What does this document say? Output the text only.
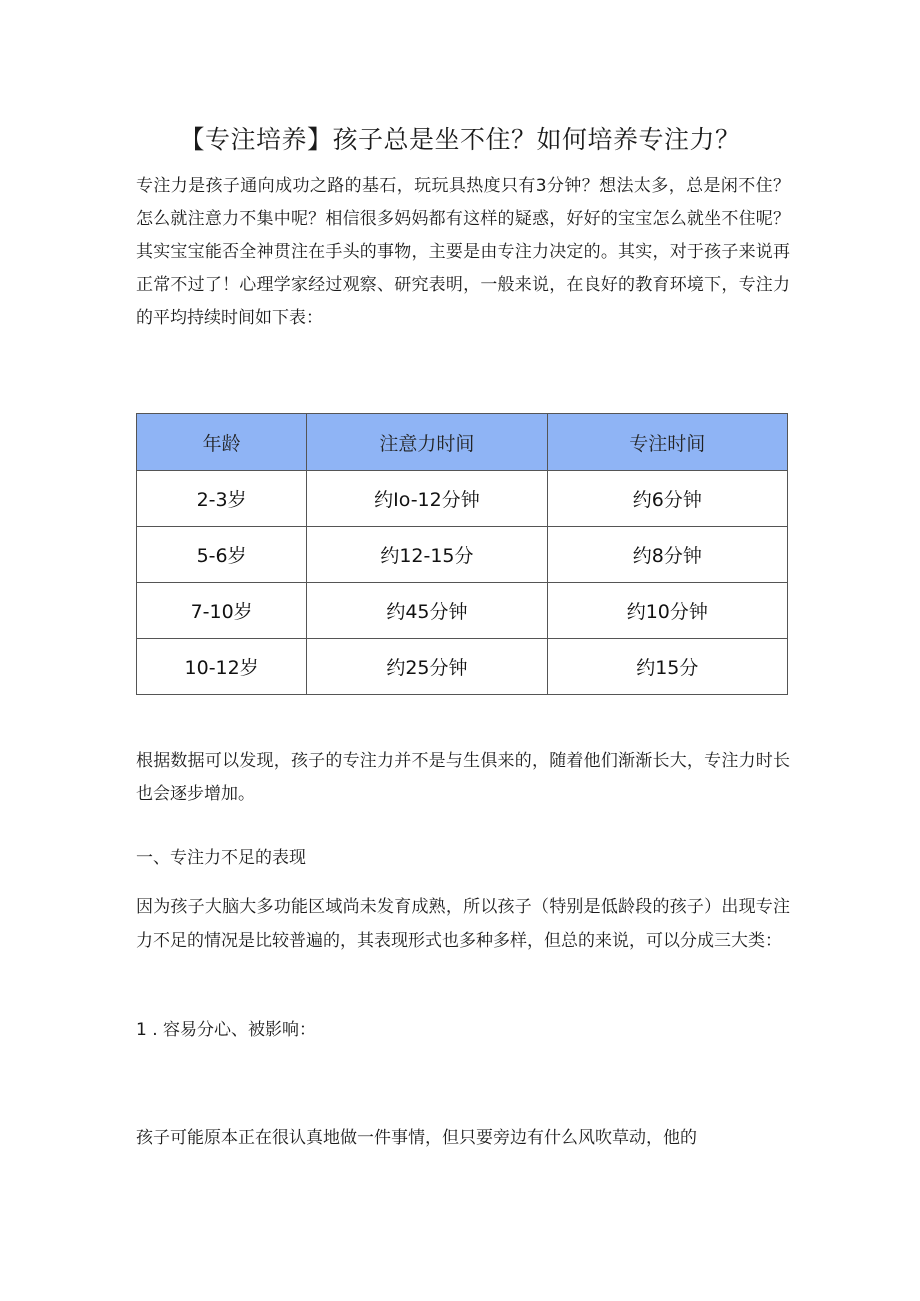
【专注培养】孩子总是坐不住？如何培养专注力？

专注力是孩子通向成功之路的基石，玩玩具热度只有3分钟？想法太多，总是闲不住？怎么就注意力不集中呢？相信很多妈妈都有这样的疑惑，好好的宝宝怎么就坐不住呢？其实宝宝能否全神贯注在手头的事物，主要是由专注力决定的。其实，对于孩子来说再正常不过了！心理学家经过观察、研究表明，一般来说，在良好的教育环境下，专注力的平均持续时间如下表：

年龄	注意力时间	专注时间
2-3岁	约Io-12分钟	约6分钟
5-6岁	约12-15分	约8分钟
7-10岁	约45分钟	约10分钟
10-12岁	约25分钟	约15分

根据数据可以发现，孩子的专注力并不是与生俱来的，随着他们渐渐长大，专注力时长也会逐步增加。

一、专注力不足的表现

因为孩子大脑大多功能区域尚未发育成熟，所以孩子（特别是低龄段的孩子）出现专注力不足的情况是比较普遍的，其表现形式也多种多样，但总的来说，可以分成三大类：

1 . 容易分心、被影响：

孩子可能原本正在很认真地做一件事情，但只要旁边有什么风吹草动，他的
